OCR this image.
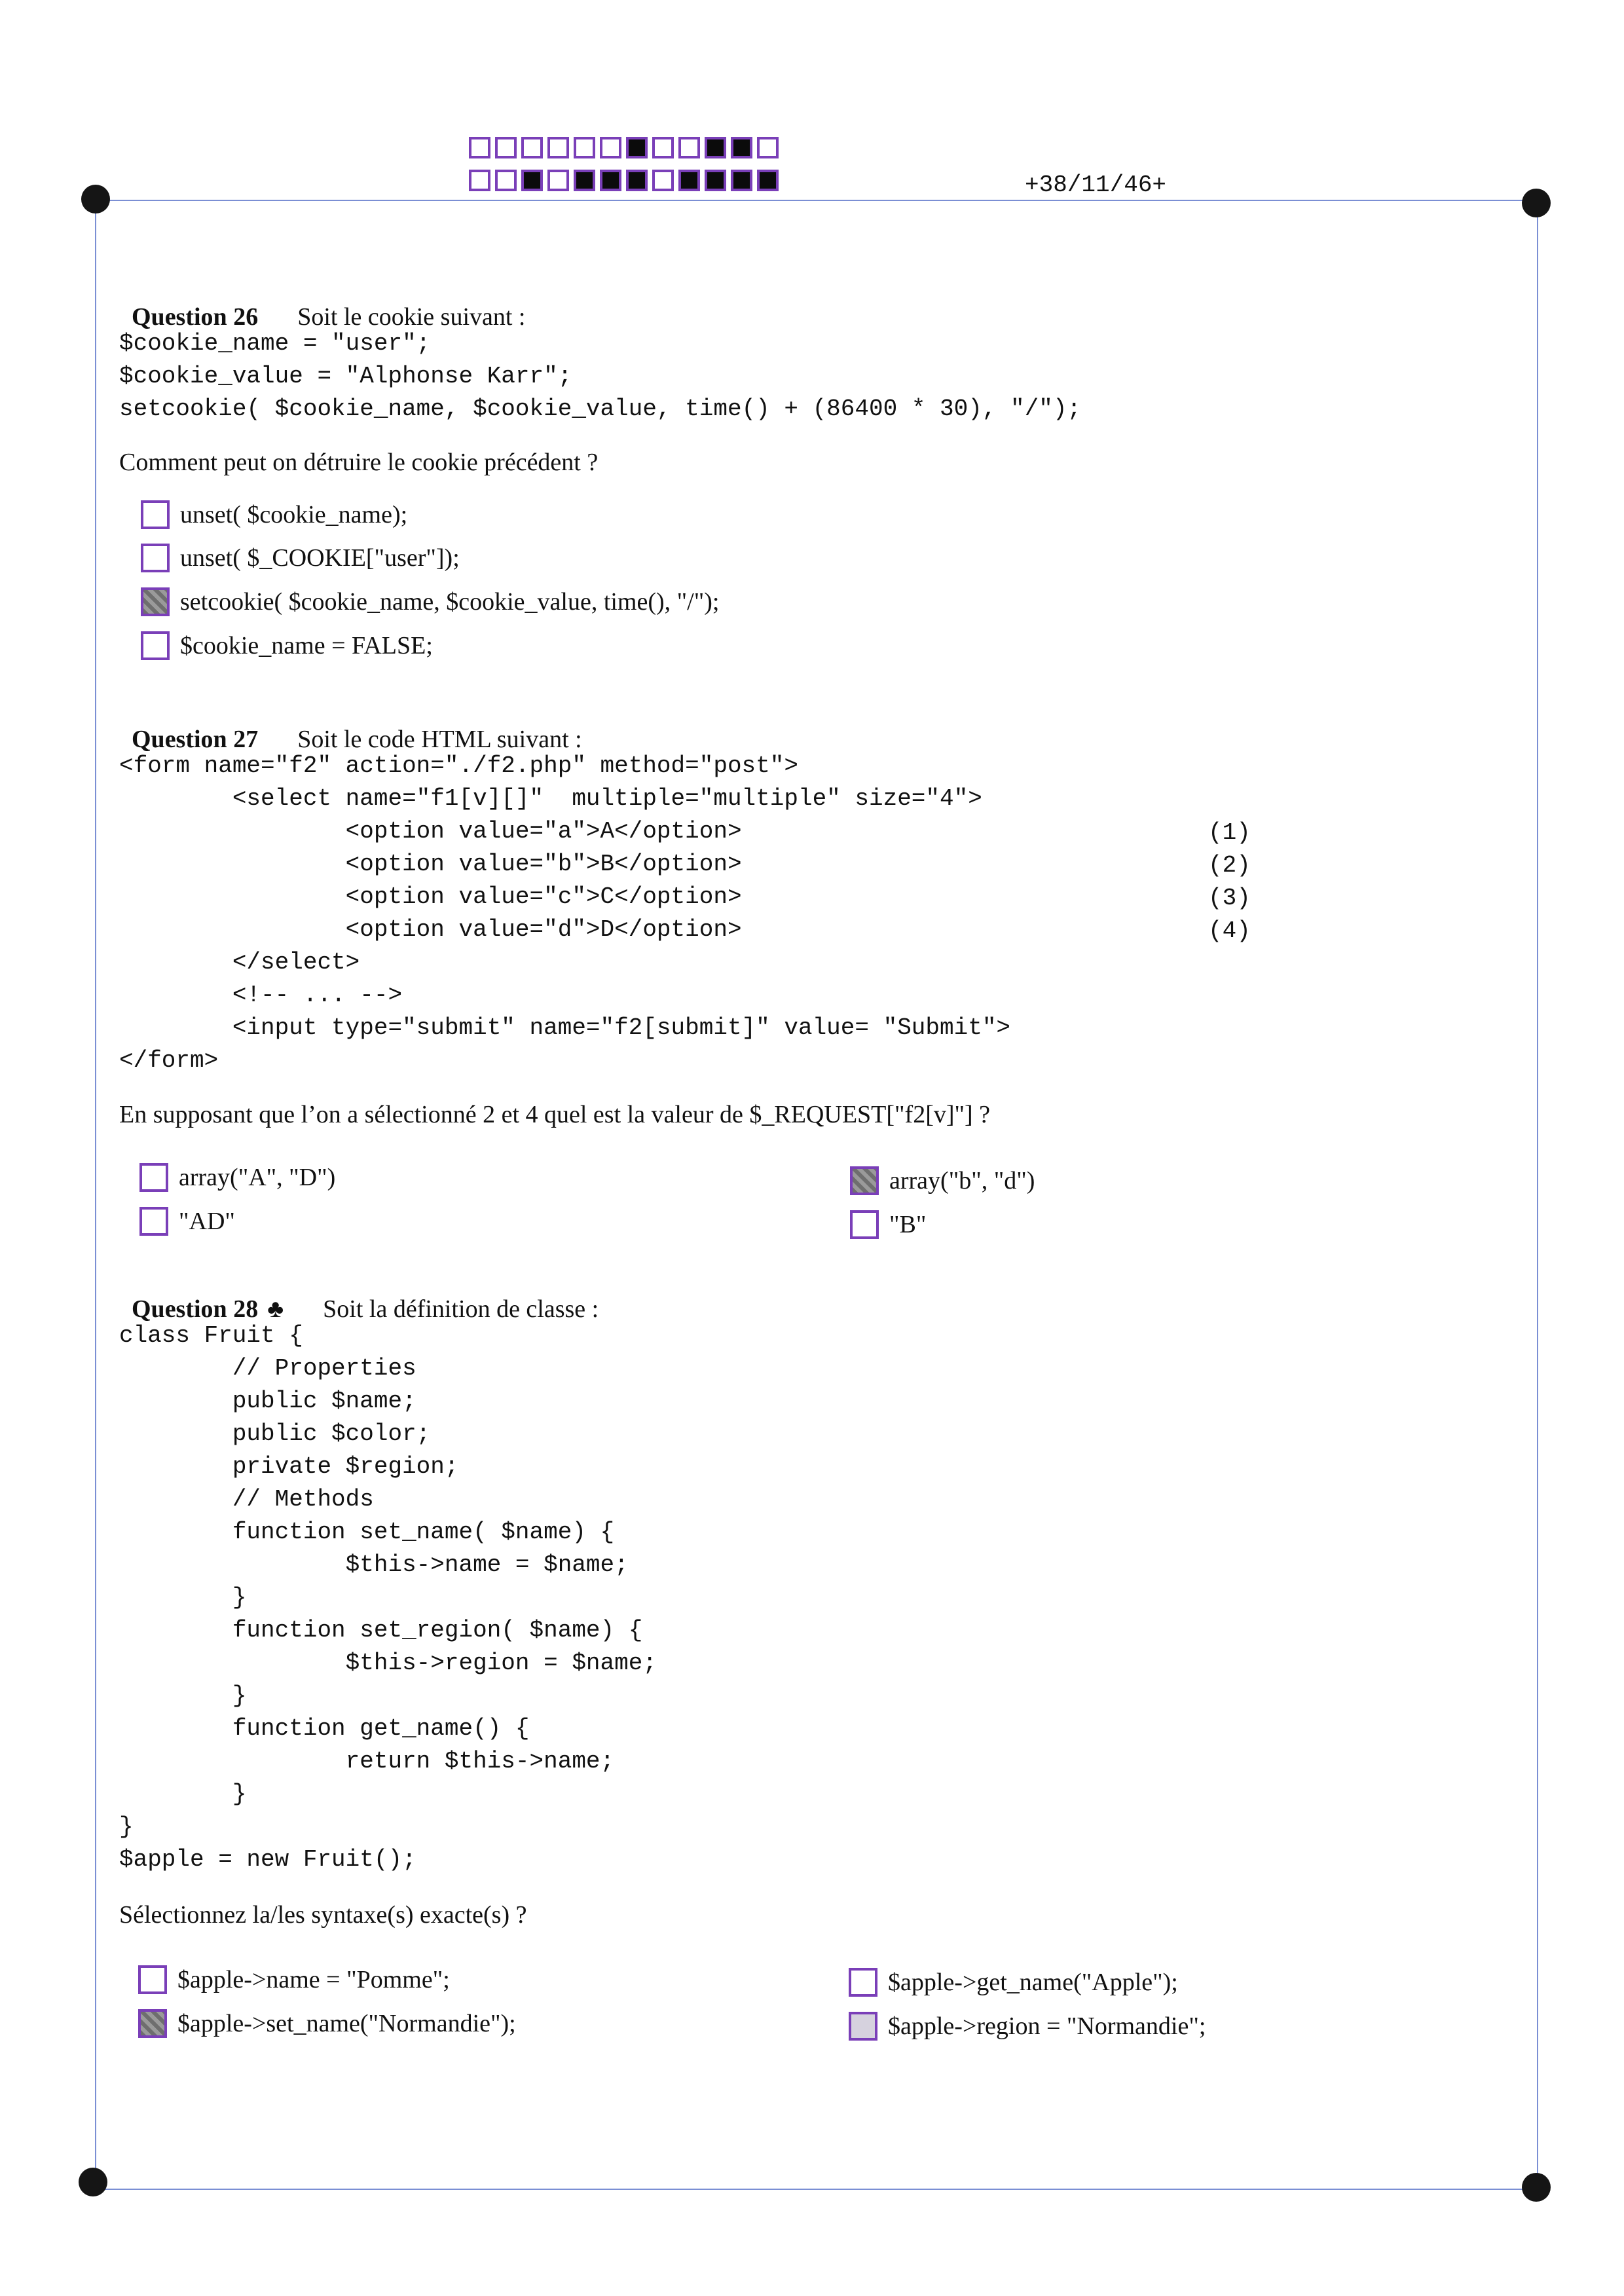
+38/11/46+

Question 26 Soit le cookie suivant :

$cookie_name = "user";
$cookie_value = "Alphonse Karr";
setcookie( $cookie_name, $cookie_value, time() + (86400 * 30), "/");
Comment peut on détruire le cookie précédent ?
unset( $cookie_name);
unset( $_COOKIE["user"]);
setcookie( $cookie_name, $cookie_value, time(), "/");
$cookie_name = FALSE;

Question 27 Soit le code HTML suivant :

<form name="f2" action="./f2.php" method="post">
<select name="f1[v][]"  multiple="multiple" size="4">
<option value="a">A</option>
<option value="b">B</option>
<option value="c">C</option>
<option value="d">D</option>
</select>
<!-- ... -->
<input type="submit" name="f2[submit]" value= "Submit">
</form>
(1)
(2)
(3)
(4)
En supposant que l’on a sélectionné 2 et 4 quel est la valeur de $_REQUEST["f2[v]"] ?
array("A", "D")
"AD"
array("b", "d")
"B"

Question 28 ♣ Soit la définition de classe :

class Fruit {
// Properties
public $name;
public $color;
private $region;
// Methods
function set_name( $name) {
$this->name = $name;
}
function set_region( $name) {
$this->region = $name;
}
function get_name() {
return $this->name;
}
}
$apple = new Fruit();
Sélectionnez la/les syntaxe(s) exacte(s) ?
$apple->name = "Pomme";
$apple->set_name("Normandie");
$apple->get_name("Apple");
$apple->region = "Normandie";
